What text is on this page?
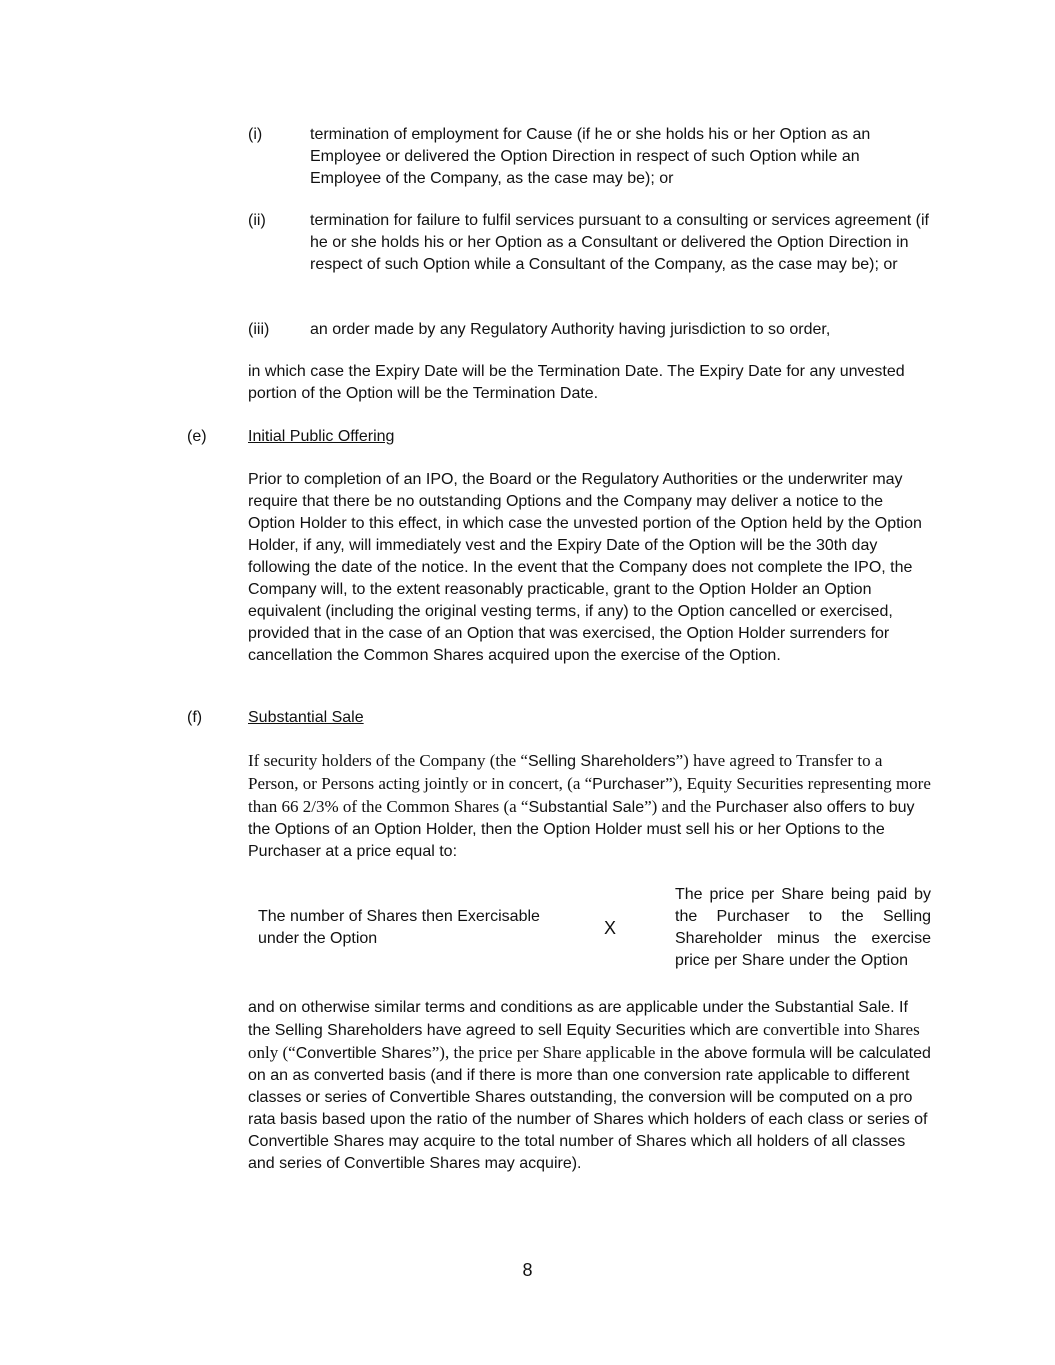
(i)	termination of employment for Cause (if he or she holds his or her Option as an Employee or delivered the Option Direction in respect of such Option while an Employee of the Company, as the case may be); or
(ii)	termination for failure to fulfil services pursuant to a consulting or services agreement (if he or she holds his or her Option as a Consultant or delivered the Option Direction in respect of such Option while a Consultant of the Company, as the case may be); or
(iii)	an order made by any Regulatory Authority having jurisdiction to so order,
in which case the Expiry Date will be the Termination Date. The Expiry Date for any unvested portion of the Option will be the Termination Date.
(e)	Initial Public Offering
Prior to completion of an IPO, the Board or the Regulatory Authorities or the underwriter may require that there be no outstanding Options and the Company may deliver a notice to the Option Holder to this effect, in which case the unvested portion of the Option held by the Option Holder, if any, will immediately vest and the Expiry Date of the Option will be the 30th day following the date of the notice. In the event that the Company does not complete the IPO, the Company will, to the extent reasonably practicable, grant to the Option Holder an Option equivalent (including the original vesting terms, if any) to the Option cancelled or exercised, provided that in the case of an Option that was exercised, the Option Holder surrenders for cancellation the Common Shares acquired upon the exercise of the Option.
(f)	Substantial Sale
If security holders of the Company (the “Selling Shareholders”) have agreed to Transfer to a Person, or Persons acting jointly or in concert, (a “Purchaser”), Equity Securities representing more than 66 2/3% of the Common Shares (a “Substantial Sale”) and the Purchaser also offers to buy the Options of an Option Holder, then the Option Holder must sell his or her Options to the Purchaser at a price equal to:
The number of Shares then Exercisable under the Option
X
The price per Share being paid by the Purchaser to the Selling Shareholder minus the exercise price per Share under the Option
and on otherwise similar terms and conditions as are applicable under the Substantial Sale. If the Selling Shareholders have agreed to sell Equity Securities which are convertible into Shares only (“Convertible Shares”), the price per Share applicable in the above formula will be calculated on an as converted basis (and if there is more than one conversion rate applicable to different classes or series of Convertible Shares outstanding, the conversion will be computed on a pro rata basis based upon the ratio of the number of Shares which holders of each class or series of Convertible Shares may acquire to the total number of Shares which all holders of all classes and series of Convertible Shares may acquire).
8
